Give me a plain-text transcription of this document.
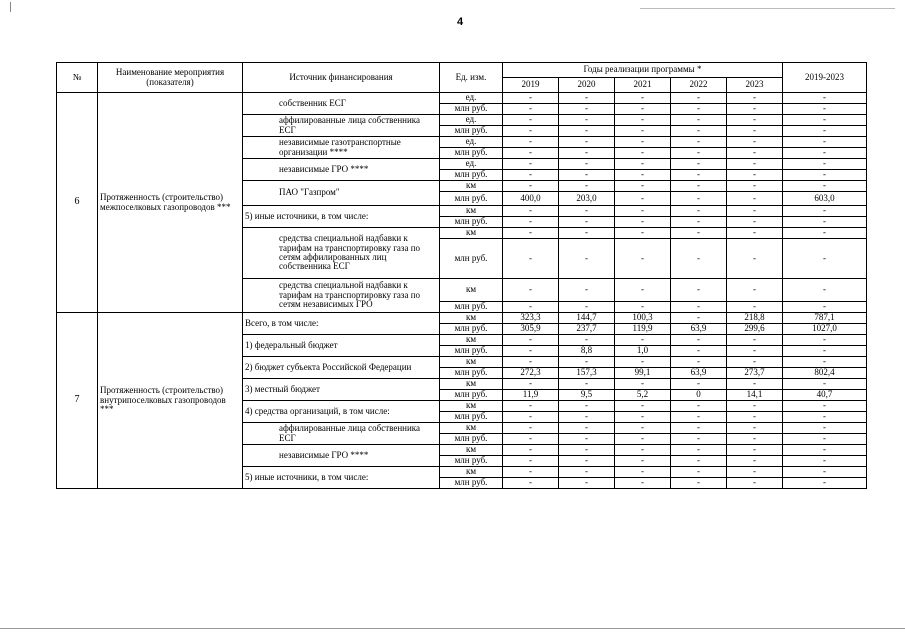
4
№	Наименование мероприятия (показателя)	Источник финансирования	Ед. изм.	Годы реализации программы *					2019-2023
				2019	2020	2021	2022	2023	
6	Протяженность (строительство) межпоселковых газопроводов ***	собственник ЕСГ	ед.	-	-	-	-	-	-
			млн руб.	-	-	-	-	-	-
		аффилированные лица собственника ЕСГ	ед.	-	-	-	-	-	-
			млн руб.	-	-	-	-	-	-
		независимые газотранспортные организации ****	ед.	-	-	-	-	-	-
			млн руб.	-	-	-	-	-	-
		независимые ГРО ****	ед.	-	-	-	-	-	-
			млн руб.	-	-	-	-	-	-
		ПАО "Газпром"	км	-	-	-	-	-	-
			млн руб.	400,0	203,0	-	-	-	603,0
		5) иные источники, в том числе:	км	-	-	-	-	-	-
			млн руб.	-	-	-	-	-	-
		средства специальной надбавки к тарифам на транспортировку газа по сетям аффилированных лиц собственника ЕСГ	км	-	-	-	-	-	-
			млн руб.	-	-	-	-	-	-
		средства специальной надбавки к тарифам на транспортировку газа по сетям независимых ГРО	км	-	-	-	-	-	-
			млн руб.	-	-	-	-	-	-
7	Протяженность (строительство) внутрипоселковых газопроводов ***	Всего, в том числе:	км	323,3	144,7	100,3	-	218,8	787,1
			млн руб.	305,9	237,7	119,9	63,9	299,6	1027,0
		1) федеральный бюджет	км	-	-	-	-	-	-
			млн руб.	-	8,8	1,0	-	-	-
		2) бюджет субъекта Российской Федерации	км	-	-	-	-	-	-
			млн руб.	272,3	157,3	99,1	63,9	273,7	802,4
		3) местный бюджет	км	-	-	-	-	-	-
			млн руб.	11,9	9,5	5,2	0	14,1	40,7
		4) средства организаций, в том числе:	км	-	-	-	-	-	-
			млн руб.	-	-	-	-	-	-
		аффилированные лица собственника ЕСГ	км	-	-	-	-	-	-
			млн руб.	-	-	-	-	-	-
		независимые ГРО ****	км	-	-	-	-	-	-
			млн руб.	-	-	-	-	-	-
		5) иные источники, в том числе:	км	-	-	-	-	-	-
			млн руб.	-	-	-	-	-	-
